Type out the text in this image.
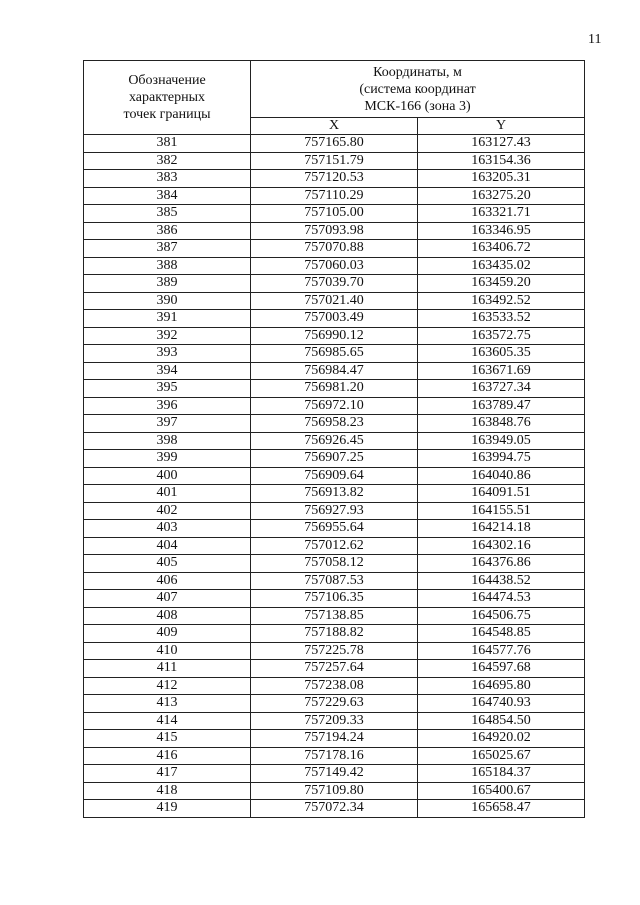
11
Обозначение
характерных
точек границы	Координаты, м
(система координат
МСК-166 (зона 3)	
	X	Y
381	757165.80	163127.43
382	757151.79	163154.36
383	757120.53	163205.31
384	757110.29	163275.20
385	757105.00	163321.71
386	757093.98	163346.95
387	757070.88	163406.72
388	757060.03	163435.02
389	757039.70	163459.20
390	757021.40	163492.52
391	757003.49	163533.52
392	756990.12	163572.75
393	756985.65	163605.35
394	756984.47	163671.69
395	756981.20	163727.34
396	756972.10	163789.47
397	756958.23	163848.76
398	756926.45	163949.05
399	756907.25	163994.75
400	756909.64	164040.86
401	756913.82	164091.51
402	756927.93	164155.51
403	756955.64	164214.18
404	757012.62	164302.16
405	757058.12	164376.86
406	757087.53	164438.52
407	757106.35	164474.53
408	757138.85	164506.75
409	757188.82	164548.85
410	757225.78	164577.76
411	757257.64	164597.68
412	757238.08	164695.80
413	757229.63	164740.93
414	757209.33	164854.50
415	757194.24	164920.02
416	757178.16	165025.67
417	757149.42	165184.37
418	757109.80	165400.67
419	757072.34	165658.47
